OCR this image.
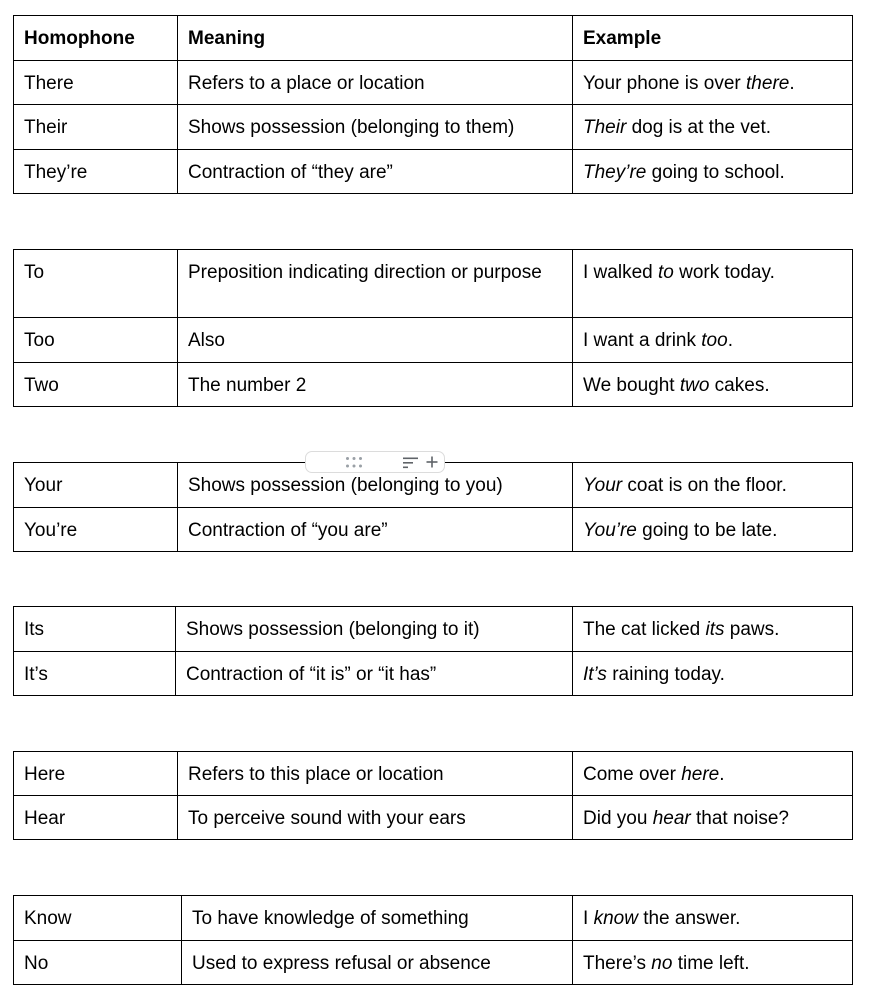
Homophone	Meaning	Example

There	Refers to a place or location	Your phone is over there.

Their	Shows possession (belonging to them)	Their dog is at the vet.

They’re	Contraction of “they are”	They’re going to school.
To	Preposition indicating direction or purpose	I walked to work today.

Too	Also	I want a drink too.

Two	The number 2	We bought two cakes.
Your	Shows possession (belonging to you)	Your coat is on the floor.

You’re	Contraction of “you are”	You’re going to be late.
Its	Shows possession (belonging to it)	The cat licked its paws.

It’s	Contraction of “it is” or “it has”	It’s raining today.
Here	Refers to this place or location	Come over here.

Hear	To perceive sound with your ears	Did you hear that noise?
Know	To have knowledge of something	I know the answer.

No	Used to express refusal or absence	There’s no time left.
